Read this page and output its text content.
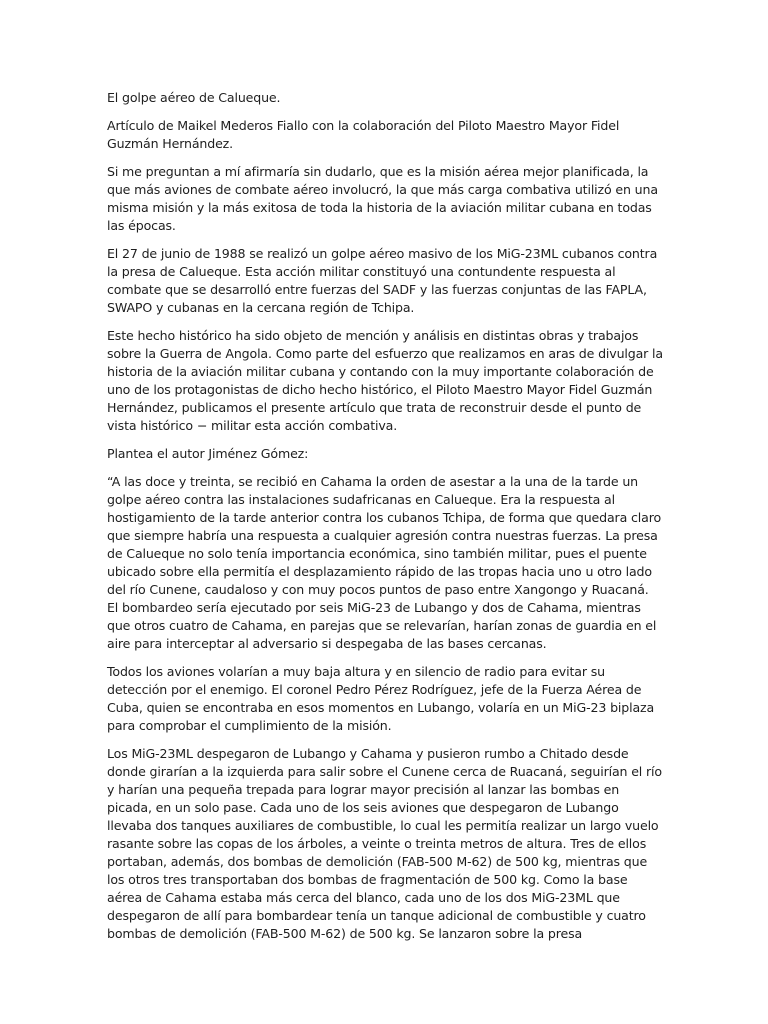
El golpe aéreo de Calueque.

Artículo de Maikel Mederos Fiallo con la colaboración del Piloto Maestro Mayor Fidel Guzmán Hernández.

Si me preguntan a mí afirmaría sin dudarlo, que es la misión aérea mejor planificada, la que más aviones de combate aéreo involucró, la que más carga combativa utilizó en una misma misión y la más exitosa de toda la historia de la aviación militar cubana en todas las épocas.

El 27 de junio de 1988 se realizó un golpe aéreo masivo de los MiG-23ML cubanos contra la presa de Calueque. Esta acción militar constituyó una contundente respuesta al combate que se desarrolló entre fuerzas del SADF y las fuerzas conjuntas de las FAPLA, SWAPO y cubanas en la cercana región de Tchipa.

Este hecho histórico ha sido objeto de mención y análisis en distintas obras y trabajos sobre la Guerra de Angola. Como parte del esfuerzo que realizamos en aras de divulgar la historia de la aviación militar cubana y contando con la muy importante colaboración de uno de los protagonistas de dicho hecho histórico, el Piloto Maestro Mayor Fidel Guzmán Hernández, publicamos el presente artículo que trata de reconstruir desde el punto de vista histórico − militar esta acción combativa.

Plantea el autor Jiménez Gómez:

“A las doce y treinta, se recibió en Cahama la orden de asestar a la una de la tarde un golpe aéreo contra las instalaciones sudafricanas en Calueque. Era la respuesta al hostigamiento de la tarde anterior contra los cubanos Tchipa, de forma que quedara claro que siempre habría una respuesta a cualquier agresión contra nuestras fuerzas. La presa de Calueque no solo tenía importancia económica, sino también militar, pues el puente ubicado sobre ella permitía el desplazamiento rápido de las tropas hacia uno u otro lado del río Cunene, caudaloso y con muy pocos puntos de paso entre Xangongo y Ruacaná. El bombardeo sería ejecutado por seis MiG-23 de Lubango y dos de Cahama, mientras que otros cuatro de Cahama, en parejas que se relevarían, harían zonas de guardia en el aire para interceptar al adversario si despegaba de las bases cercanas.

Todos los aviones volarían a muy baja altura y en silencio de radio para evitar su detección por el enemigo. El coronel Pedro Pérez Rodríguez, jefe de la Fuerza Aérea de Cuba, quien se encontraba en esos momentos en Lubango, volaría en un MiG-23 biplaza para comprobar el cumplimiento de la misión.

Los MiG-23ML despegaron de Lubango y Cahama y pusieron rumbo a Chitado desde donde girarían a la izquierda para salir sobre el Cunene cerca de Ruacaná, seguirían el río y harían una pequeña trepada para lograr mayor precisión al lanzar las bombas en picada, en un solo pase. Cada uno de los seis aviones que despegaron de Lubango llevaba dos tanques auxiliares de combustible, lo cual les permitía realizar un largo vuelo rasante sobre las copas de los árboles, a veinte o treinta metros de altura. Tres de ellos portaban, además, dos bombas de demolición (FAB-500 M-62) de 500 kg, mientras que los otros tres transportaban dos bombas de fragmentación de 500 kg. Como la base aérea de Cahama estaba más cerca del blanco, cada uno de los dos MiG-23ML que despegaron de allí para bombardear tenía un tanque adicional de combustible y cuatro bombas de demolición (FAB-500 M-62) de 500 kg. Se lanzaron sobre la presa
